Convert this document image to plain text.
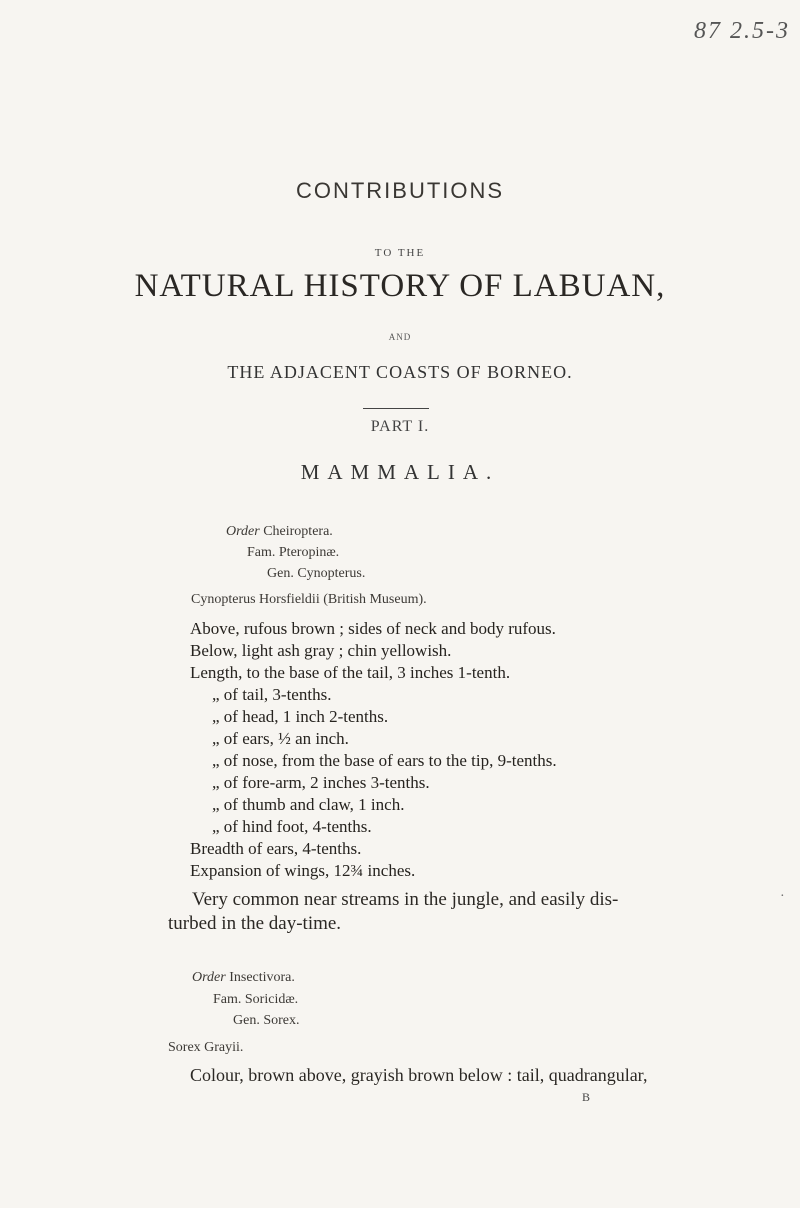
87 2.5-3
CONTRIBUTIONS
TO THE
NATURAL HISTORY OF LABUAN,
AND
THE ADJACENT COASTS OF BORNEO.
PART I.
MAMMALIA.
Order Cheiroptera.
Fam. Pteropinæ.
Gen. Cynopterus.
Cynopterus Horsfieldii (British Museum).
Above, rufous brown ; sides of neck and body rufous.
Below, light ash gray ; chin yellowish.
Length, to the base of the tail, 3 inches 1-tenth.
„ of tail, 3-tenths.
„ of head, 1 inch 2-tenths.
„ of ears, ½ an inch.
„ of nose, from the base of ears to the tip, 9-tenths.
„ of fore-arm, 2 inches 3-tenths.
„ of thumb and claw, 1 inch.
„ of hind foot, 4-tenths.
Breadth of ears, 4-tenths.
Expansion of wings, 12¾ inches.
Very common near streams in the jungle, and easily dis-	·
turbed in the day-time.
Order Insectivora.
Fam. Soricidæ.
Gen. Sorex.
Sorex Grayii.
Colour, brown above, grayish brown below : tail, quadrangular,
B
